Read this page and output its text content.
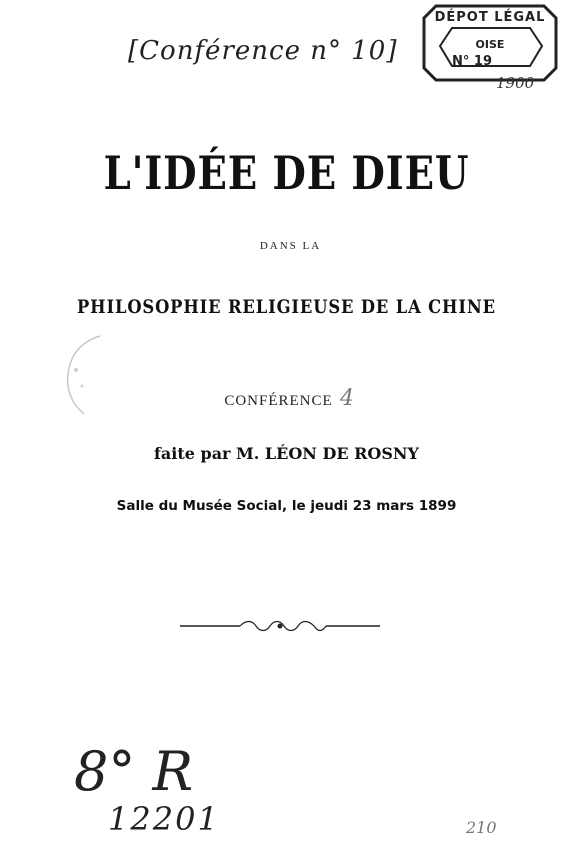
[Conférence n° 10]
DÉPOT LÉGAL
OISE
N° 19
1900
L'IDÉE DE DIEU
DANS LA
PHILOSOPHIE RELIGIEUSE DE LA CHINE
CONFÉRENCE 4
faite par M. LÉON DE ROSNY
Salle du Musée Social, le jeudi 23 mars 1899
8° R
12201	210
